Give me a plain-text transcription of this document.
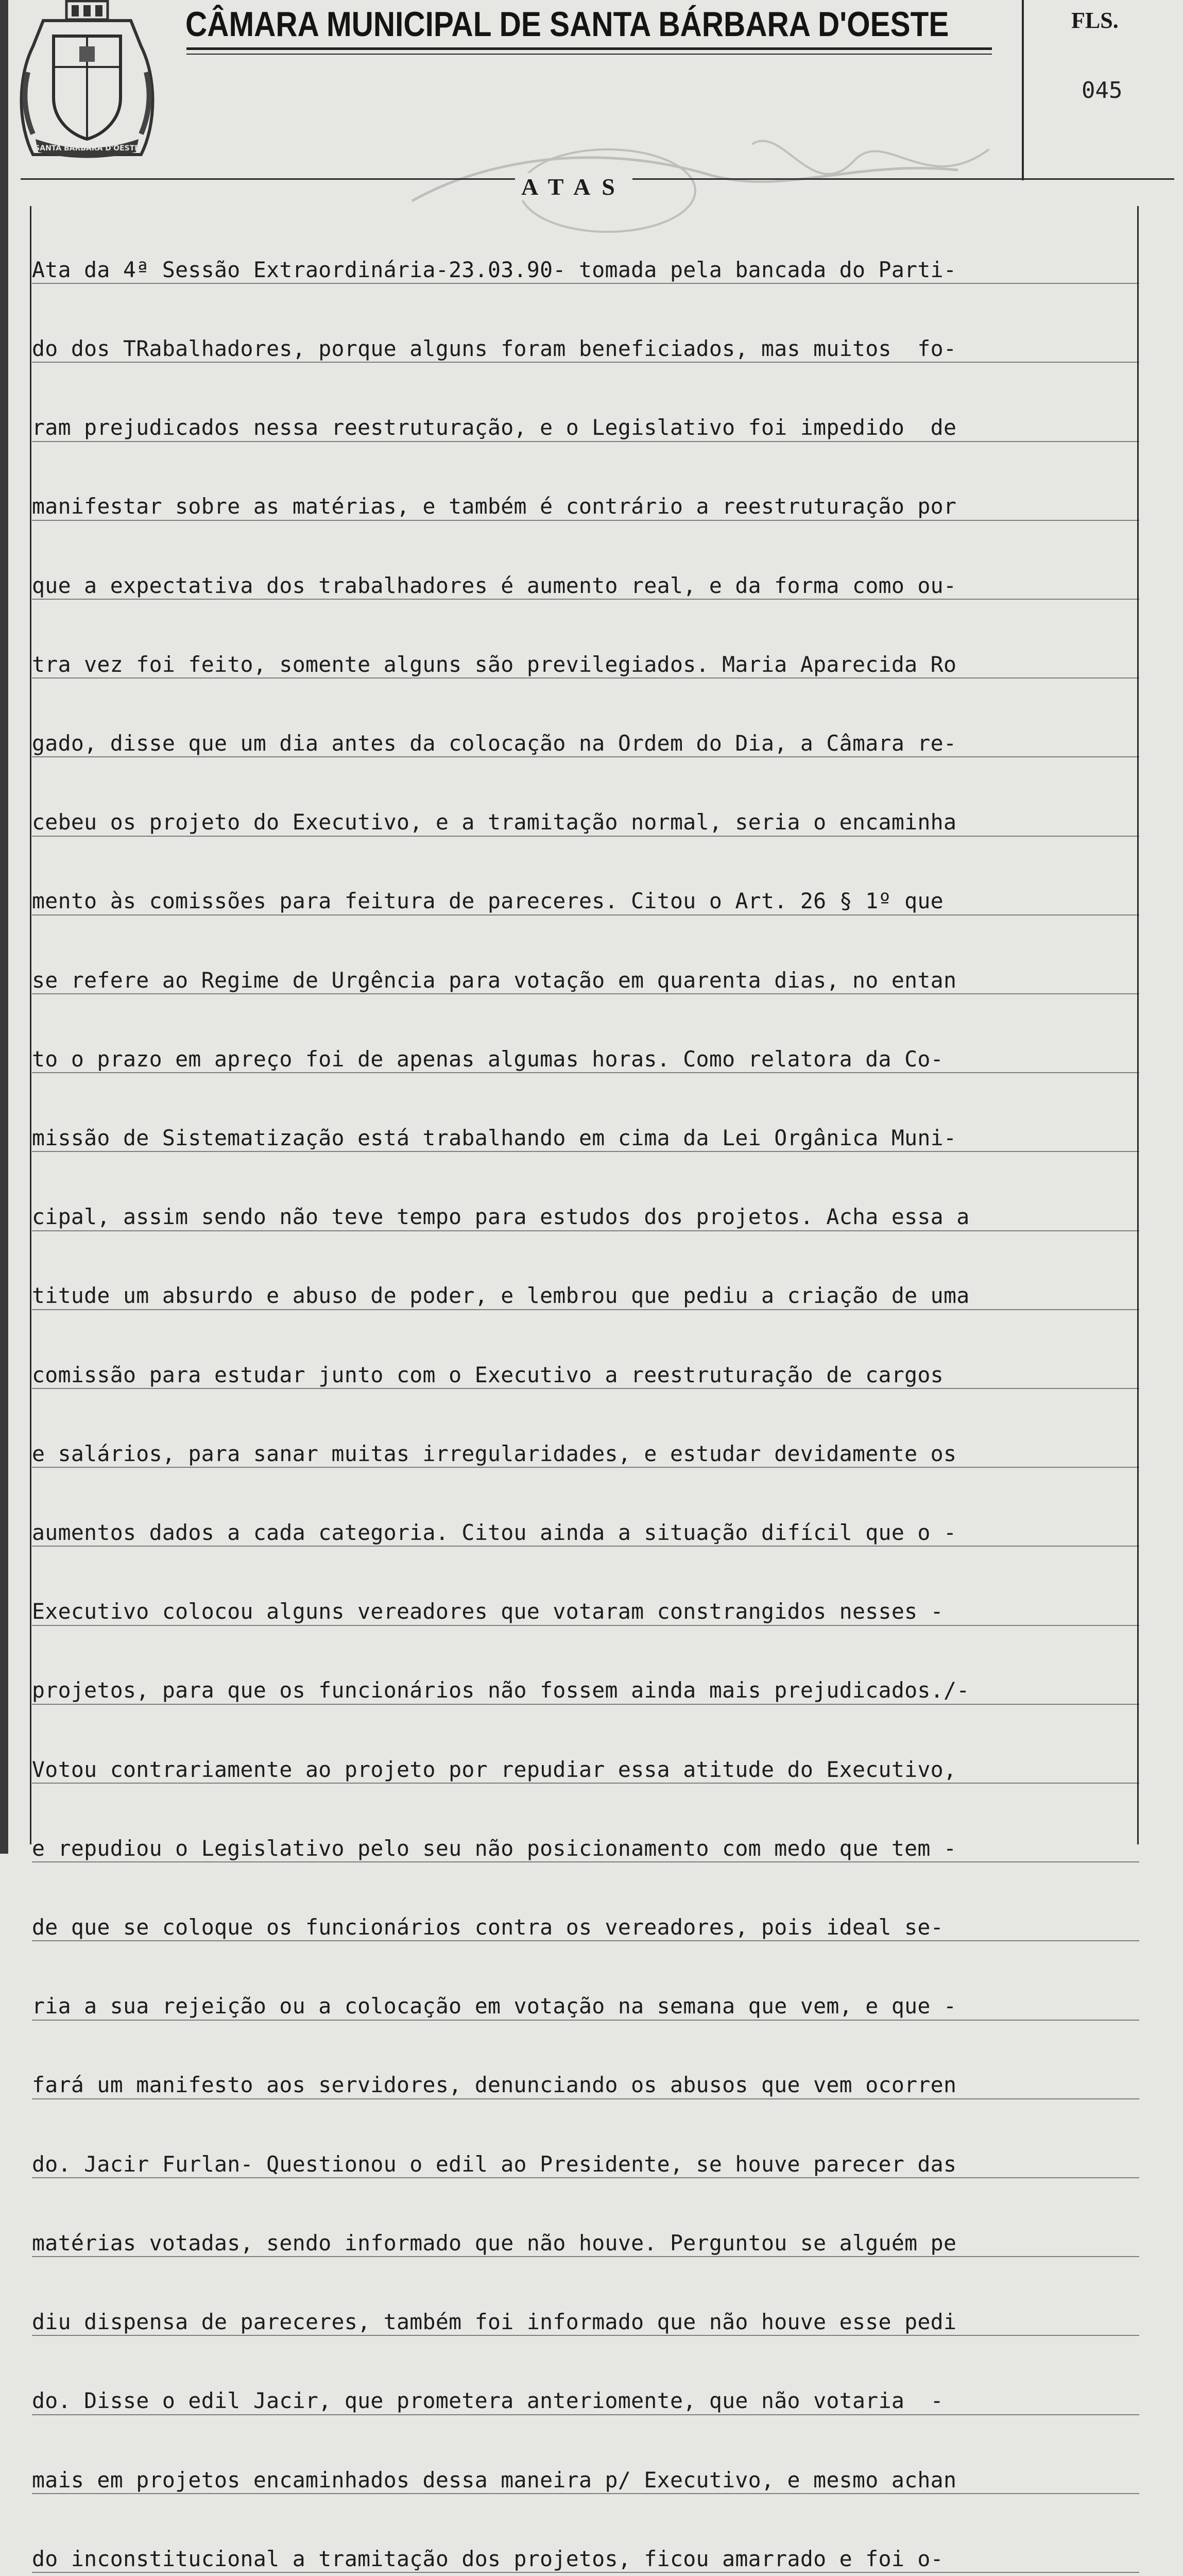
SANTA BARBARA D'OESTE
CÂMARA MUNICIPAL DE SANTA BÁRBARA D'OESTE	FLS.
045
ATAS

Ata da 4ª Sessão Extraordinária-23.03.90- tomada pela bancada do Parti-

do dos TRabalhadores, porque alguns foram beneficiados, mas muitos  fo-

ram prejudicados nessa reestruturação, e o Legislativo foi impedido  de

manifestar sobre as matérias, e também é contrário a reestruturação por

que a expectativa dos trabalhadores é aumento real, e da forma como ou-

tra vez foi feito, somente alguns são previlegiados. Maria Aparecida Ro

gado, disse que um dia antes da colocação na Ordem do Dia, a Câmara re-

cebeu os projeto do Executivo, e a tramitação normal, seria o encaminha

mento às comissões para feitura de pareceres. Citou o Art. 26 § 1º que

se refere ao Regime de Urgência para votação em quarenta dias, no entan

to o prazo em apreço foi de apenas algumas horas. Como relatora da Co-

missão de Sistematização está trabalhando em cima da Lei Orgânica Muni-

cipal, assim sendo não teve tempo para estudos dos projetos. Acha essa a

titude um absurdo e abuso de poder, e lembrou que pediu a criação de uma

comissão para estudar junto com o Executivo a reestruturação de cargos

e salários, para sanar muitas irregularidades, e estudar devidamente os

aumentos dados a cada categoria. Citou ainda a situação difícil que o -

Executivo colocou alguns vereadores que votaram constrangidos nesses -

projetos, para que os funcionários não fossem ainda mais prejudicados./-

Votou contrariamente ao projeto por repudiar essa atitude do Executivo,

e repudiou o Legislativo pelo seu não posicionamento com medo que tem -

de que se coloque os funcionários contra os vereadores, pois ideal se-

ria a sua rejeição ou a colocação em votação na semana que vem, e que -

fará um manifesto aos servidores, denunciando os abusos que vem ocorren

do. Jacir Furlan- Questionou o edil ao Presidente, se houve parecer das

matérias votadas, sendo informado que não houve. Perguntou se alguém pe

diu dispensa de pareceres, também foi informado que não houve esse pedi

do. Disse o edil Jacir, que prometera anteriomente, que não votaria  -

mais em projetos encaminhados dessa maneira p/ Executivo, e mesmo achan

do inconstitucional a tramitação dos projetos, ficou amarrado e foi o-
